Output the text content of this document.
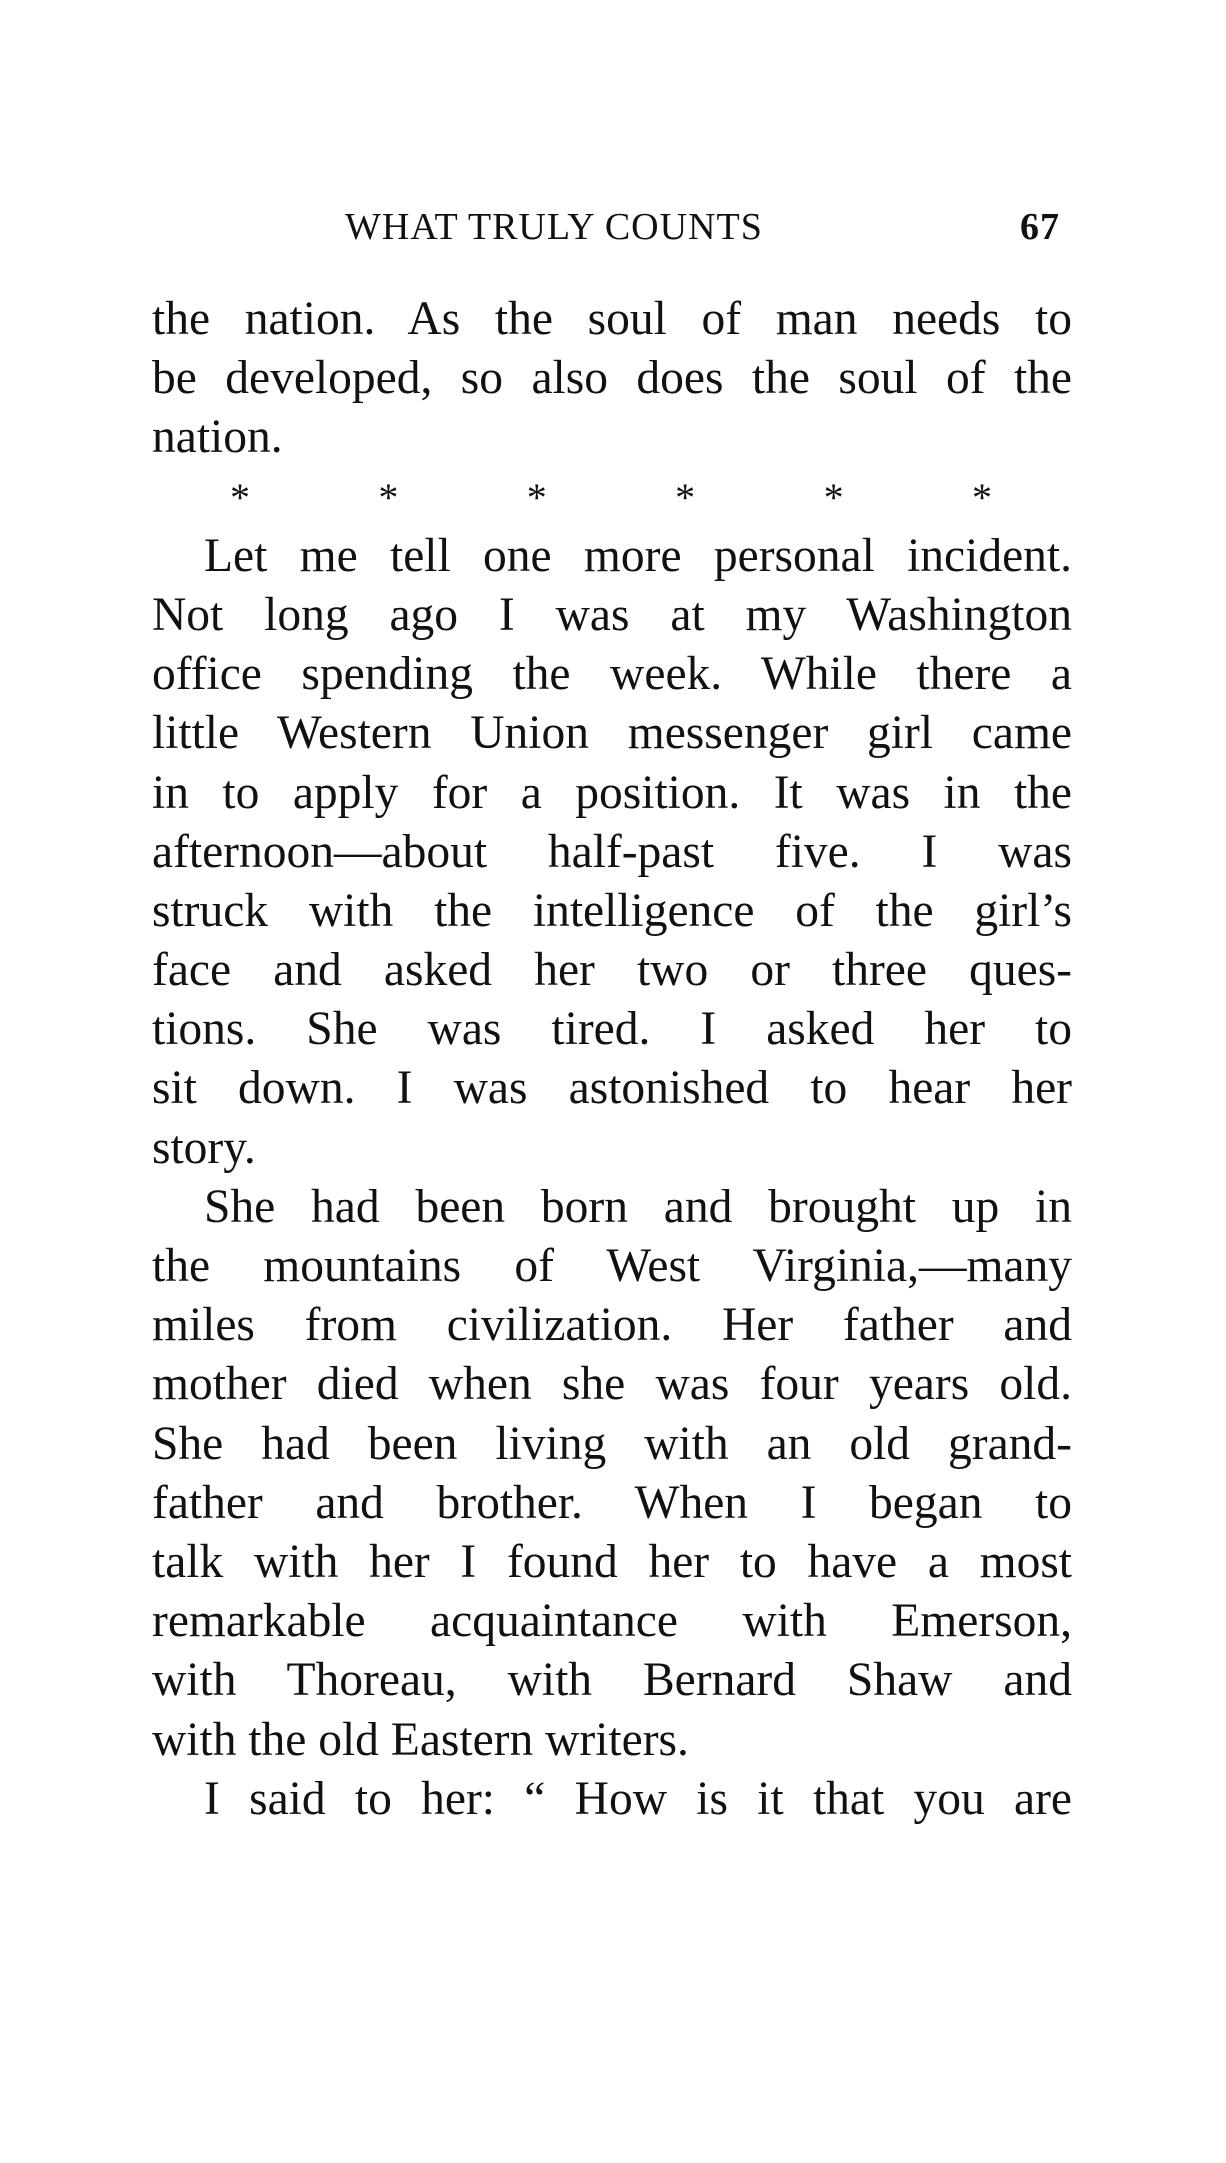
WHAT TRULY COUNTS	67
the nation. As the soul of man needs to
be developed, so also does the soul of the
nation.
*	*	*	*	*	*
Let me tell one more personal incident.
Not long ago I was at my Washington
office spending the week. While there a
little Western Union messenger girl came
in to apply for a position. It was in the
afternoon—about half-past five. I was
struck with the intelligence of the girl’s
face and asked her two or three ques-
tions. She was tired. I asked her to
sit down. I was astonished to hear her
story.
She had been born and brought up in
the mountains of West Virginia,—many
miles from civilization. Her father and
mother died when she was four years old.
She had been living with an old grand-
father and brother. When I began to
talk with her I found her to have a most
remarkable acquaintance with Emerson,
with Thoreau, with Bernard Shaw and
with the old Eastern writers.
I said to her: “ How is it that you are
